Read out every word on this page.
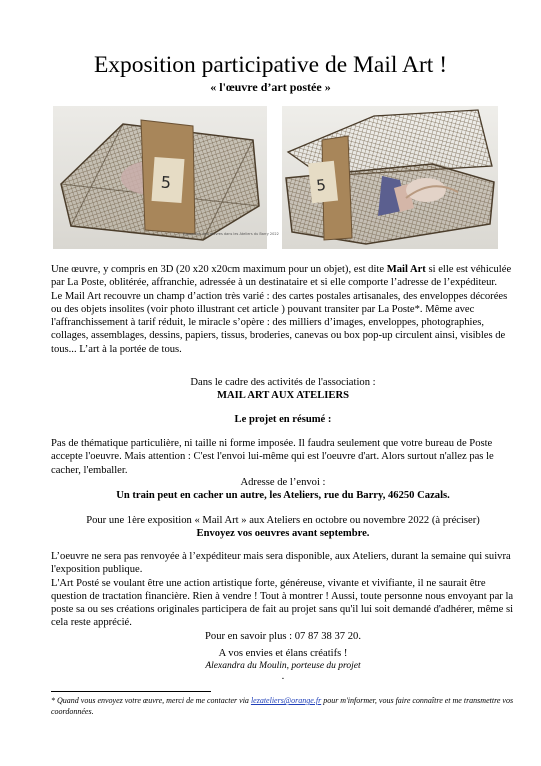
Exposition participative de Mail Art !
« l'œuvre d’art postée »
5
Exposition des œuvres dans les Ateliers du Barry 2022
5

Une œuvre, y compris en 3D (20 x20 x20cm maximum pour un objet), est dite Mail Art si elle est véhiculée par La Poste, oblitérée, affranchie, adressée à un destinataire et si elle comporte l’adresse de l’expéditeur.

Le Mail Art recouvre un champ d’action très varié : des cartes postales artisanales, des enveloppes décorées ou des objets insolites (voir photo illustrant cet article ) pouvant transiter par La Poste*. Même avec l'affranchissement à tarif réduit, le miracle s’opère : des milliers d’images, enveloppes, photographies, collages, assemblages, dessins, papiers, tissus, broderies, canevas ou box pop-up circulent ainsi, visibles de tous... L’art à la portée de tous.

Dans le cadre des activités de l'association :

MAIL ART AUX ATELIERS

Le projet en résumé :
Pas de thématique particulière, ni taille ni forme imposée. Il faudra seulement que votre bureau de Poste accepte l'oeuvre. Mais attention : C'est l'envoi lui-même qui est l'oeuvre d'art. Alors surtout n'allez pas le cacher, l'emballer.

Adresse de l’envoi :

Un train peut en cacher un autre, les Ateliers, rue du Barry, 46250 Cazals.

Pour une 1ère exposition « Mail Art » aux Ateliers en octobre ou novembre 2022 (à préciser)

Envoyez vos oeuvres avant septembre.

L’oeuvre ne sera pas renvoyée à l’expéditeur mais sera disponible, aux Ateliers, durant la semaine qui suivra l'exposition publique.

L'Art Posté se voulant être une action artistique forte, généreuse, vivante et vivifiante, il ne saurait être question de tractation financière. Rien à vendre ! Tout à montrer ! Aussi, toute personne nous envoyant par la poste sa ou ses créations originales participera de fait au projet sans qu'il lui soit demandé d'adhérer, même si cela reste apprécié.

Pour en savoir plus : 07 87 38 37 20.

A vos envies et élans créatifs !

Alexandra du Moulin, porteuse du projet

.

* Quand vous envoyez votre œuvre, merci de me contacter via lezateliers@orange.fr pour m'informer, vous faire connaître et me transmettre vos coordonnées.
